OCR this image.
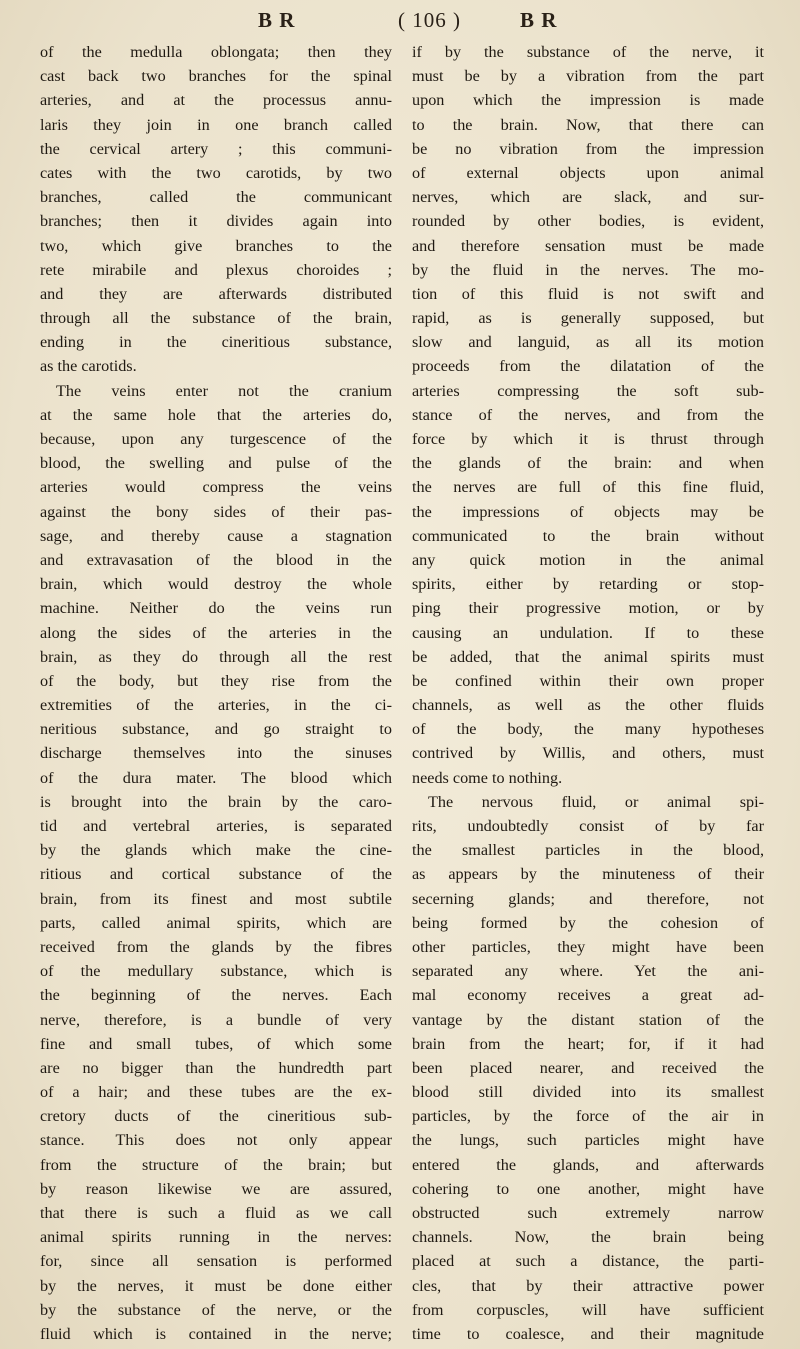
B R	( 106 )	B R
of the medulla oblongata; then they
cast back two branches for the spinal
arteries, and at the processus annu-
laris they join in one branch called
the cervical artery ; this communi-
cates with the two carotids, by two
branches, called the communicant
branches; then it divides again into
two, which give branches to the
rete mirabile and plexus choroides ;
and they are afterwards distributed
through all the substance of the brain,
ending in the cineritious substance,
as the carotids.
The veins enter not the cranium
at the same hole that the arteries do,
because, upon any turgescence of the
blood, the swelling and pulse of the
arteries would compress the veins
against the bony sides of their pas-
sage, and thereby cause a stagnation
and extravasation of the blood in the
brain, which would destroy the whole
machine. Neither do the veins run
along the sides of the arteries in the
brain, as they do through all the rest
of the body, but they rise from the
extremities of the arteries, in the ci-
neritious substance, and go straight to
discharge themselves into the sinuses
of the dura mater. The blood which
is brought into the brain by the caro-
tid and vertebral arteries, is separated
by the glands which make the cine-
ritious and cortical substance of the
brain, from its finest and most subtile
parts, called animal spirits, which are
received from the glands by the fibres
of the medullary substance, which is
the beginning of the nerves. Each
nerve, therefore, is a bundle of very
fine and small tubes, of which some
are no bigger than the hundredth part
of a hair; and these tubes are the ex-
cretory ducts of the cineritious sub-
stance. This does not only appear
from the structure of the brain; but
by reason likewise we are assured,
that there is such a fluid as we call
animal spirits running in the nerves:
for, since all sensation is performed
by the nerves, it must be done either
by the substance of the nerve, or the
fluid which is contained in the nerve;
if by the substance of the nerve, it
must be by a vibration from the part
upon which the impression is made
to the brain. Now, that there can
be no vibration from the impression
of external objects upon animal
nerves, which are slack, and sur-
rounded by other bodies, is evident,
and therefore sensation must be made
by the fluid in the nerves. The mo-
tion of this fluid is not swift and
rapid, as is generally supposed, but
slow and languid, as all its motion
proceeds from the dilatation of the
arteries compressing the soft sub-
stance of the nerves, and from the
force by which it is thrust through
the glands of the brain: and when
the nerves are full of this fine fluid,
the impressions of objects may be
communicated to the brain without
any quick motion in the animal
spirits, either by retarding or stop-
ping their progressive motion, or by
causing an undulation. If to these
be added, that the animal spirits must
be confined within their own proper
channels, as well as the other fluids
of the body, the many hypotheses
contrived by Willis, and others, must
needs come to nothing.
The nervous fluid, or animal spi-
rits, undoubtedly consist of by far
the smallest particles in the blood,
as appears by the minuteness of their
secerning glands; and therefore, not
being formed by the cohesion of
other particles, they might have been
separated any where. Yet the ani-
mal economy receives a great ad-
vantage by the distant station of the
brain from the heart; for, if it had
been placed nearer, and received the
blood still divided into its smallest
particles, by the force of the air in
the lungs, such particles might have
entered the glands, and afterwards
cohering to one another, might have
obstructed such extremely narrow
channels. Now, the brain being
placed at such a distance, the parti-
cles, that by their attractive power
from corpuscles, will have sufficient
time to coalesce, and their magnitude
